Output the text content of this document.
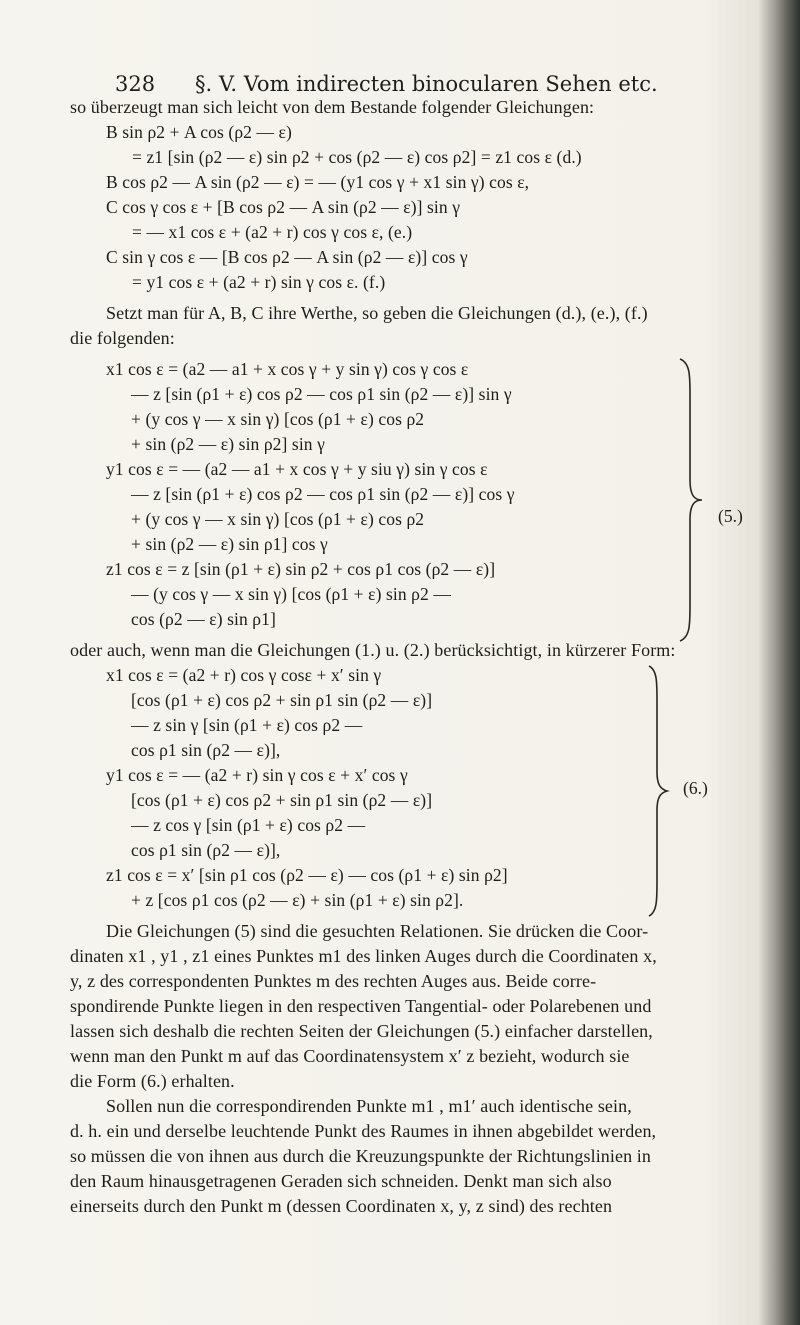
328 §. V. Vom indirecten binocularen Sehen etc.
so überzeugt man sich leicht von dem Bestande folgender Gleichungen:
B sin ρ2 + A cos (ρ2 — ε)
= z1 [sin (ρ2 — ε) sin ρ2 + cos (ρ2 — ε) cos ρ2] = z1 cos ε (d.)
B cos ρ2 — A sin (ρ2 — ε) = — (y1 cos γ + x1 sin γ) cos ε,
C cos γ cos ε + [B cos ρ2 — A sin (ρ2 — ε)] sin γ
= — x1 cos ε + (a2 + r) cos γ cos ε, (e.)
C sin γ cos ε — [B cos ρ2 — A sin (ρ2 — ε)] cos γ
= y1 cos ε + (a2 + r) sin γ cos ε. (f.)
Setzt man für A, B, C ihre Werthe, so geben die Gleichungen (d.), (e.), (f.)
die folgenden:
x1 cos ε = (a2 — a1 + x cos γ + y sin γ) cos γ cos ε
— z [sin (ρ1 + ε) cos ρ2 — cos ρ1 sin (ρ2 — ε)] sin γ
+ (y cos γ — x sin γ) [cos (ρ1 + ε) cos ρ2
+ sin (ρ2 — ε) sin ρ2] sin γ
y1 cos ε = — (a2 — a1 + x cos γ + y siu γ) sin γ cos ε
— z [sin (ρ1 + ε) cos ρ2 — cos ρ1 sin (ρ2 — ε)] cos γ
+ (y cos γ — x sin γ) [cos (ρ1 + ε) cos ρ2
+ sin (ρ2 — ε) sin ρ1] cos γ
z1 cos ε = z [sin (ρ1 + ε) sin ρ2 + cos ρ1 cos (ρ2 — ε)]
— (y cos γ — x sin γ) [cos (ρ1 + ε) sin ρ2 —
cos (ρ2 — ε) sin ρ1]
(5.)
oder auch, wenn man die Gleichungen (1.) u. (2.) berücksichtigt, in kürzerer Form:
x1 cos ε = (a2 + r) cos γ cosε + x′ sin γ
[cos (ρ1 + ε) cos ρ2 + sin ρ1 sin (ρ2 — ε)]
— z sin γ [sin (ρ1 + ε) cos ρ2 —
cos ρ1 sin (ρ2 — ε)],
y1 cos ε = — (a2 + r) sin γ cos ε + x′ cos γ
[cos (ρ1 + ε) cos ρ2 + sin ρ1 sin (ρ2 — ε)]
— z cos γ [sin (ρ1 + ε) cos ρ2 —
cos ρ1 sin (ρ2 — ε)],
z1 cos ε = x′ [sin ρ1 cos (ρ2 — ε) — cos (ρ1 + ε) sin ρ2]
+ z [cos ρ1 cos (ρ2 — ε) + sin (ρ1 + ε) sin ρ2].
(6.)
Die Gleichungen (5) sind die gesuchten Relationen. Sie drücken die Coor-
dinaten x1 , y1 , z1 eines Punktes m1 des linken Auges durch die Coordinaten x,
y, z des correspondenten Punktes m des rechten Auges aus. Beide corre-
spondirende Punkte liegen in den respectiven Tangential- oder Polarebenen und
lassen sich deshalb die rechten Seiten der Gleichungen (5.) einfacher darstellen,
wenn man den Punkt m auf das Coordinatensystem x′ z bezieht, wodurch sie
die Form (6.) erhalten.
Sollen nun die correspondirenden Punkte m1 , m1′ auch identische sein,
d. h. ein und derselbe leuchtende Punkt des Raumes in ihnen abgebildet werden,
so müssen die von ihnen aus durch die Kreuzungspunkte der Richtungslinien in
den Raum hinausgetragenen Geraden sich schneiden. Denkt man sich also
einerseits durch den Punkt m (dessen Coordinaten x, y, z sind) des rechten
